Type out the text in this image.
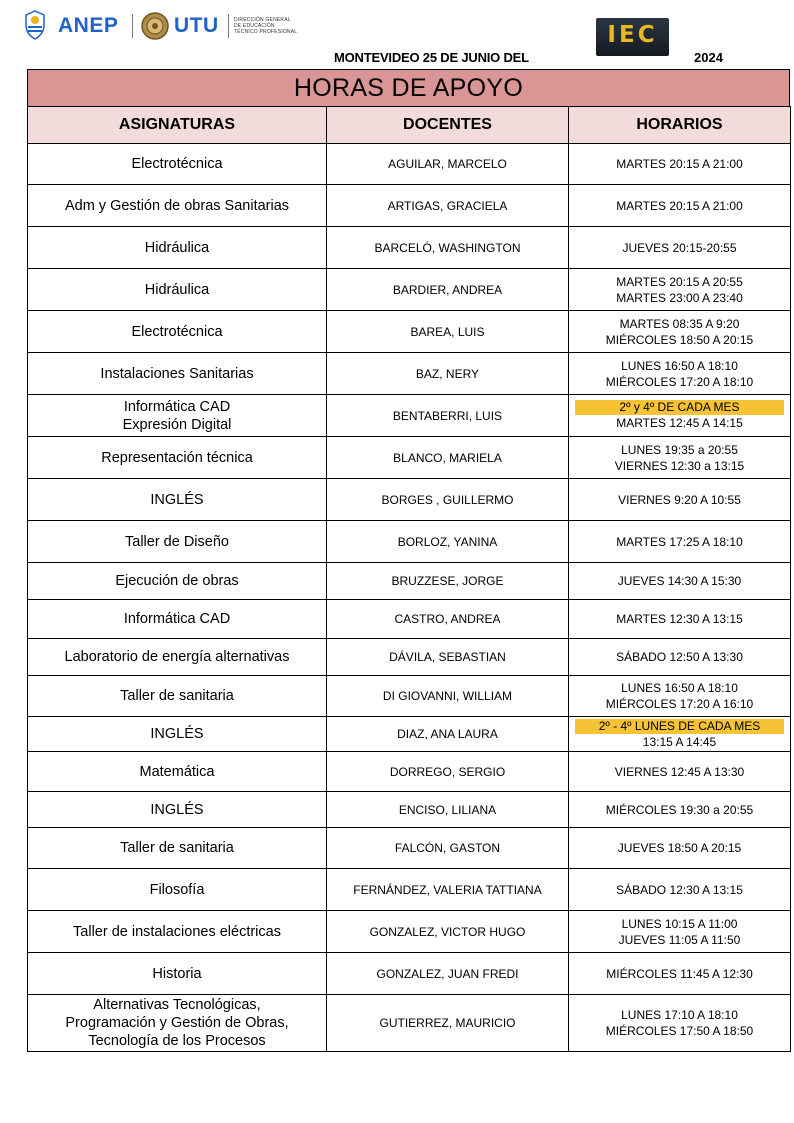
ANEP	UTU	DIRECCIÓN GENERAL
DE EDUCACIÓN
TÉCNICO PROFESIONAL	IEC
MONTEVIDEO 25 DE JUNIO DEL	2024
HORAS DE APOYO
ASIGNATURAS	DOCENTES	HORARIOS

Electrotécnica	AGUILAR, MARCELO	MARTES 20:15 A 21:00

Adm y Gestión de obras Sanitarias	ARTIGAS, GRACIELA	MARTES 20:15 A 21:00

Hidráulica	BARCELÓ, WASHINGTON	JUEVES 20:15-20:55

Hidráulica	BARDIER, ANDREA	MARTES 20:15 A 20:55
MARTES 23:00 A 23:40

Electrotécnica	BAREA, LUIS	MARTES 08:35 A 9:20
MIÉRCOLES 18:50 A 20:15

Instalaciones Sanitarias	BAZ, NERY	LUNES 16:50 A 18:10
MIÉRCOLES 17:20 A 18:10

Informática CAD
Expresión Digital	BENTABERRI, LUIS	2º y 4º DE CADA MES
MARTES 12:45 A 14:15

Representación técnica	BLANCO, MARIELA	LUNES 19:35 a 20:55
VIERNES 12:30 a 13:15

INGLÉS	BORGES , GUILLERMO	VIERNES 9:20 A 10:55

Taller de Diseño	BORLOZ, YANINA	MARTES 17:25 A 18:10

Ejecución de obras	BRUZZESE, JORGE	JUEVES 14:30 A 15:30

Informática CAD	CASTRO, ANDREA	MARTES 12:30 A 13:15

Laboratorio de energía alternativas	DÁVILA, SEBASTIAN	SÁBADO 12:50 A 13:30

Taller de sanitaria	DI GIOVANNI, WILLIAM	LUNES 16:50 A 18:10
MIÉRCOLES 17:20 A 16:10

INGLÉS	DIAZ, ANA LAURA	2º - 4º LUNES DE CADA MES
13:15 A 14:45

Matemática	DORREGO, SERGIO	VIERNES 12:45 A 13:30

INGLÉS	ENCISO, LILIANA	MIÉRCOLES 19:30 a 20:55

Taller de sanitaria	FALCÓN, GASTON	JUEVES 18:50 A 20:15

Filosofía	FERNÁNDEZ, VALERIA TATTIANA	SÁBADO 12:30 A 13:15

Taller de instalaciones eléctricas	GONZALEZ, VICTOR HUGO	LUNES 10:15 A 11:00
JUEVES 11:05 A 11:50

Historia	GONZALEZ, JUAN FREDI	MIÉRCOLES 11:45 A 12:30

Alternativas Tecnológicas,
Programación y Gestión de Obras,
Tecnología de los Procesos	GUTIERREZ, MAURICIO	LUNES 17:10 A 18:10
MIÉRCOLES 17:50 A 18:50
